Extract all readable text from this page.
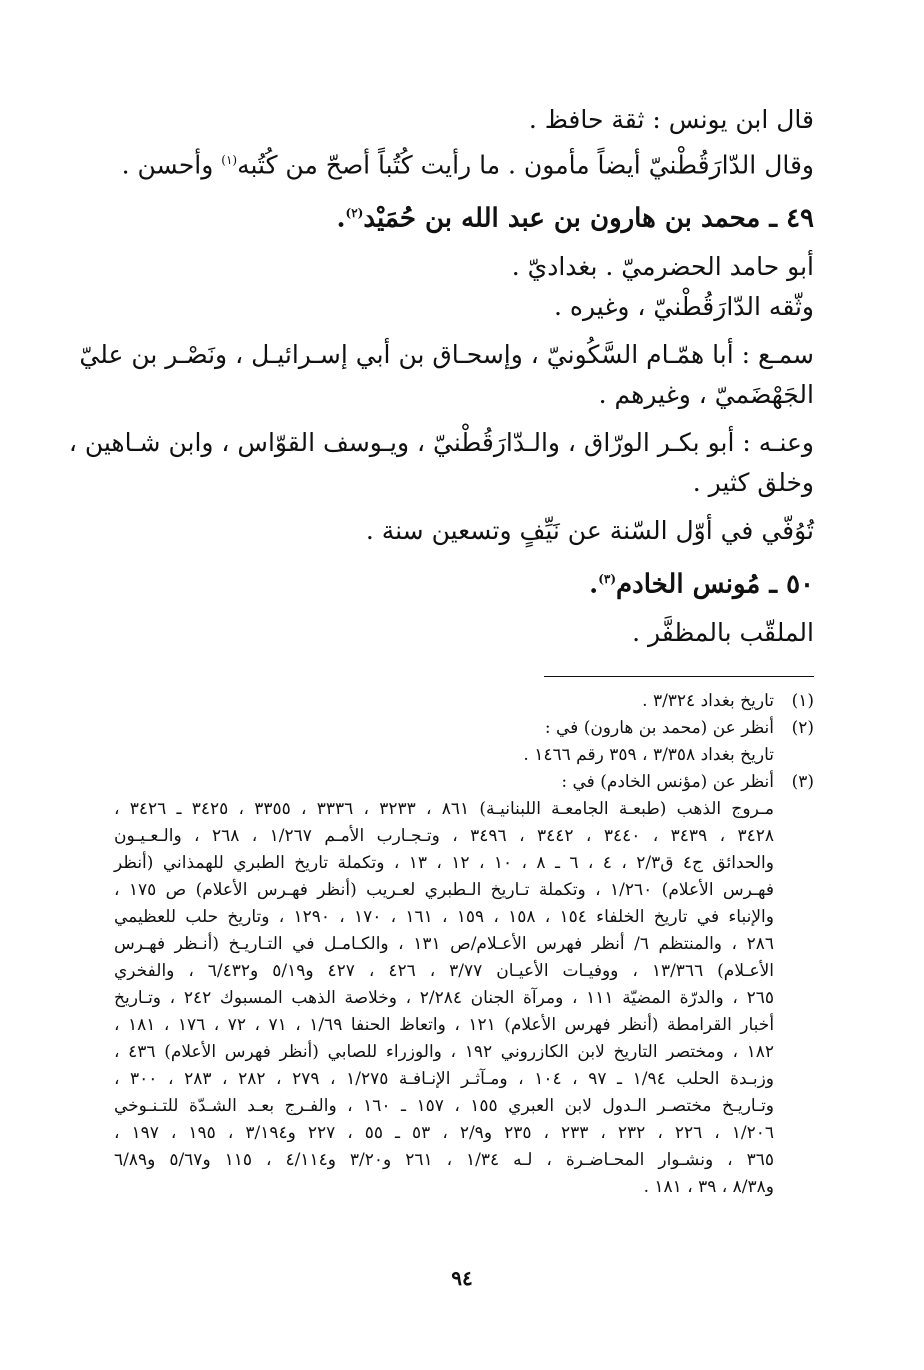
قال ابن يونس : ثقة حافظ .
وقال الدّارَقُطْنيّ أيضاً مأمون . ما رأيت كُتُباً أصحّ من كُتُبه$^{(١)}$ وأحسن .
٤٩ ـ محمد بن هارون بن عبد الله بن حُمَيْد$^{(٢)}$.
أبو حامد الحضرميّ . بغداديّ .
وثّقه الدّارَقُطْنيّ ، وغيره .
سمـع : أبا همّـام السَّكُونيّ ، وإسحـاق بن أبي إسـرائيـل ، ونَصْـر بن عليّ
الجَهْضَميّ ، وغيرهم .
وعنـه : أبو بكـر الورّاق ، والـدّارَقُطْنيّ ، ويـوسف القوّاس ، وابن شـاهين ،
وخلق كثير .
تُوُفّي في أوّل السّنة عن نَيِّفٍ وتسعين سنة .
٥٠ ـ مُونس الخادم$^{(٣)}$.
الملقّب بالمظفَّر .
(١)
تاريخ بغداد ٣/٣٢٤ .
(٢)
أنظر عن (محمد بن هارون) في :
تاريخ بغداد ٣/٣٥٨ ، ٣٥٩ رقم ١٤٦٦ .
(٣)
أنظر عن (مؤنس الخادم) في :
مـروج الذهب (طبعـة الجامعـة اللبنانيـة) ٨٦١ ، ٣٢٣٣ ، ٣٣٣٦ ، ٣٣٥٥ ، ٣٤٢٥ ـ ٣٤٢٦ ،
٣٤٢٨ ، ٣٤٣٩ ، ٣٤٤٠ ، ٣٤٤٢ ، ٣٤٩٦ ، وتـجـارب الأمـم ١/٢٦٧ ، ٢٦٨ ، والـعـيـون
والحدائق ج٤ ق٢/٣ ، ٤ ، ٦ ـ ٨ ، ١٠ ، ١٢ ، ١٣ ، وتكملة تاريخ الطبري للهمذاني (أنظر
فهـرس الأعلام) ١/٢٦٠ ، وتكملة تـاريخ الـطبري لعـريب (أنظر فهـرس الأعلام) ص ١٧٥ ،
والإنباء في تاريخ الخلفاء ١٥٤ ، ١٥٨ ، ١٥٩ ، ١٦١ ، ١٧٠ ، ١٢٩٠ ، وتاريخ حلب للعظيمي
٢٨٦ ، والمنتظم ٦/ أنظر فهرس الأعـلام/ص ١٣١ ، والكـامـل في التـاريـخ (أنـظر فهـرس
الأعـلام) ١٣/٣٦٦ ، ووفيـات الأعيـان ٣/٧٧ ، ٤٢٦ ، ٤٢٧ و٥/١٩ و٦/٤٣٢ ، والفخري
٢٦٥ ، والدرّة المضيّة ١١١ ، ومرآة الجنان ٢/٢٨٤ ، وخلاصة الذهب المسبوك ٢٤٢ ، وتـاريخ
أخبار القرامطة (أنظر فهرس الأعلام) ١٢١ ، واتعاظ الحنفا ١/٦٩ ، ٧١ ، ٧٢ ، ١٧٦ ، ١٨١ ،
١٨٢ ، ومختصر التاريخ لابن الكازروني ١٩٢ ، والوزراء للصابي (أنظر فهرس الأعلام) ٤٣٦ ،
وزبـدة الحلب ١/٩٤ ـ ٩٧ ، ١٠٤ ، ومـآثـر الإنـافـة ١/٢٧٥ ، ٢٧٩ ، ٢٨٢ ، ٢٨٣ ، ٣٠٠ ،
وتـاريـخ مختصـر الـدول لابن العبري ١٥٥ ، ١٥٧ ـ ١٦٠ ، والفـرج بعـد الشـدّة للتـنـوخي
١/٢٠٦ ، ٢٢٦ ، ٢٣٢ ، ٢٣٣ ، ٢٣٥ و٢/٩ ، ٥٣ ـ ٥٥ ، ٢٢٧ و٣/١٩٤ ، ١٩٥ ، ١٩٧ ،
٣٦٥ ، ونشـوار المحـاضـرة ، لـه ١/٣٤ ، ٢٦١ و٣/٢٠ و٤/١١٤ ، ١١٥ و٥/٦٧ و٦/٨٩
و٨/٣٨ ، ٣٩ ، ١٨١ .
٩٤
